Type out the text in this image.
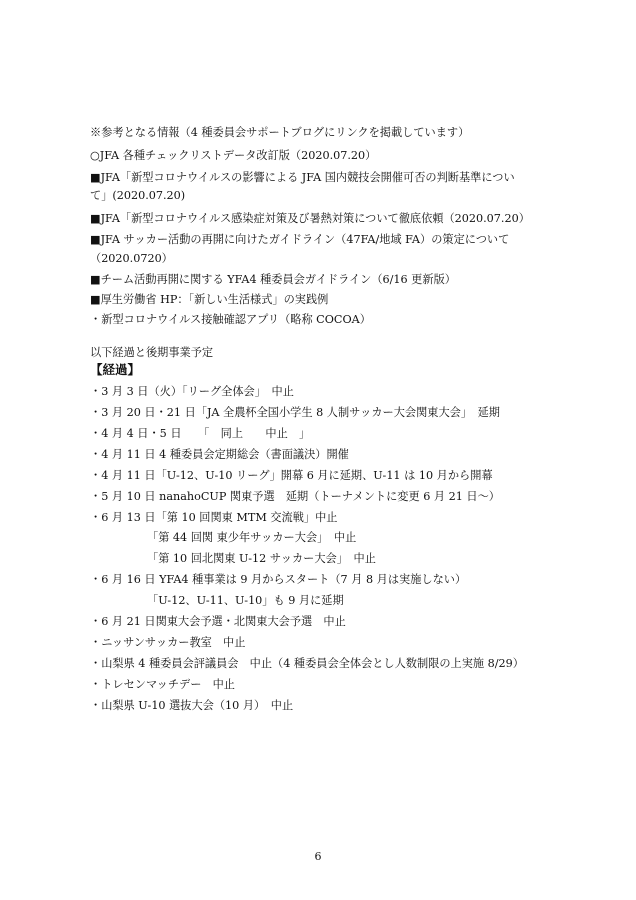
※参考となる情報（4 種委員会サポートブログにリンクを掲載しています）
○JFA 各種チェックリストデータ改訂版（2020.07.20）
■JFA「新型コロナウイルスの影響による JFA 国内競技会開催可否の判断基準につい
て」(2020.07.20)
■JFA「新型コロナウイルス感染症対策及び暑熱対策について徹底依頼（2020.07.20）
■JFA サッカー活動の再開に向けたガイドライン（47FA/地域 FA）の策定について
（2020.0720）
■チーム活動再開に関する YFA4 種委員会ガイドライン（6/16 更新版）
■厚生労働省 HP：「新しい生活様式」の実践例
・新型コロナウイルス接触確認アプリ（略称 COCOA）
以下経過と後期事業予定
【経過】
・3 月 3 日（火）「リーグ全体会」　中止
・3 月 20 日・21 日「JA 全農杯全国小学生 8 人制サッカー大会関東大会」　延期
・4 月 4 日・5 日　　「　同上　　中止　」
・4 月 11 日 4 種委員会定期総会（書面議決）開催
・4 月 11 日「U-12、U-10 リーグ」開幕 6 月に延期、U-11 は 10 月から開幕
・5 月 10 日 nanahoCUP 関東予選　延期（トーナメントに変更 6 月 21 日～）
・6 月 13 日「第 10 回関東 MTM 交流戦」中止
「第 44 回関 東少年サッカー大会」　中止
「第 10 回北関東 U-12 サッカー大会」　中止
・6 月 16 日 YFA4 種事業は 9 月からスタート（7 月 8 月は実施しない）
「U-12、U-11、U-10」も 9 月に延期
・6 月 21 日関東大会予選・北関東大会予選　中止
・ニッサンサッカー教室　中止
・山梨県 4 種委員会評議員会　中止（4 種委員会全体会とし人数制限の上実施 8/29）
・トレセンマッチデー　中止
・山梨県 U-10 選抜大会（10 月）　中止
6
